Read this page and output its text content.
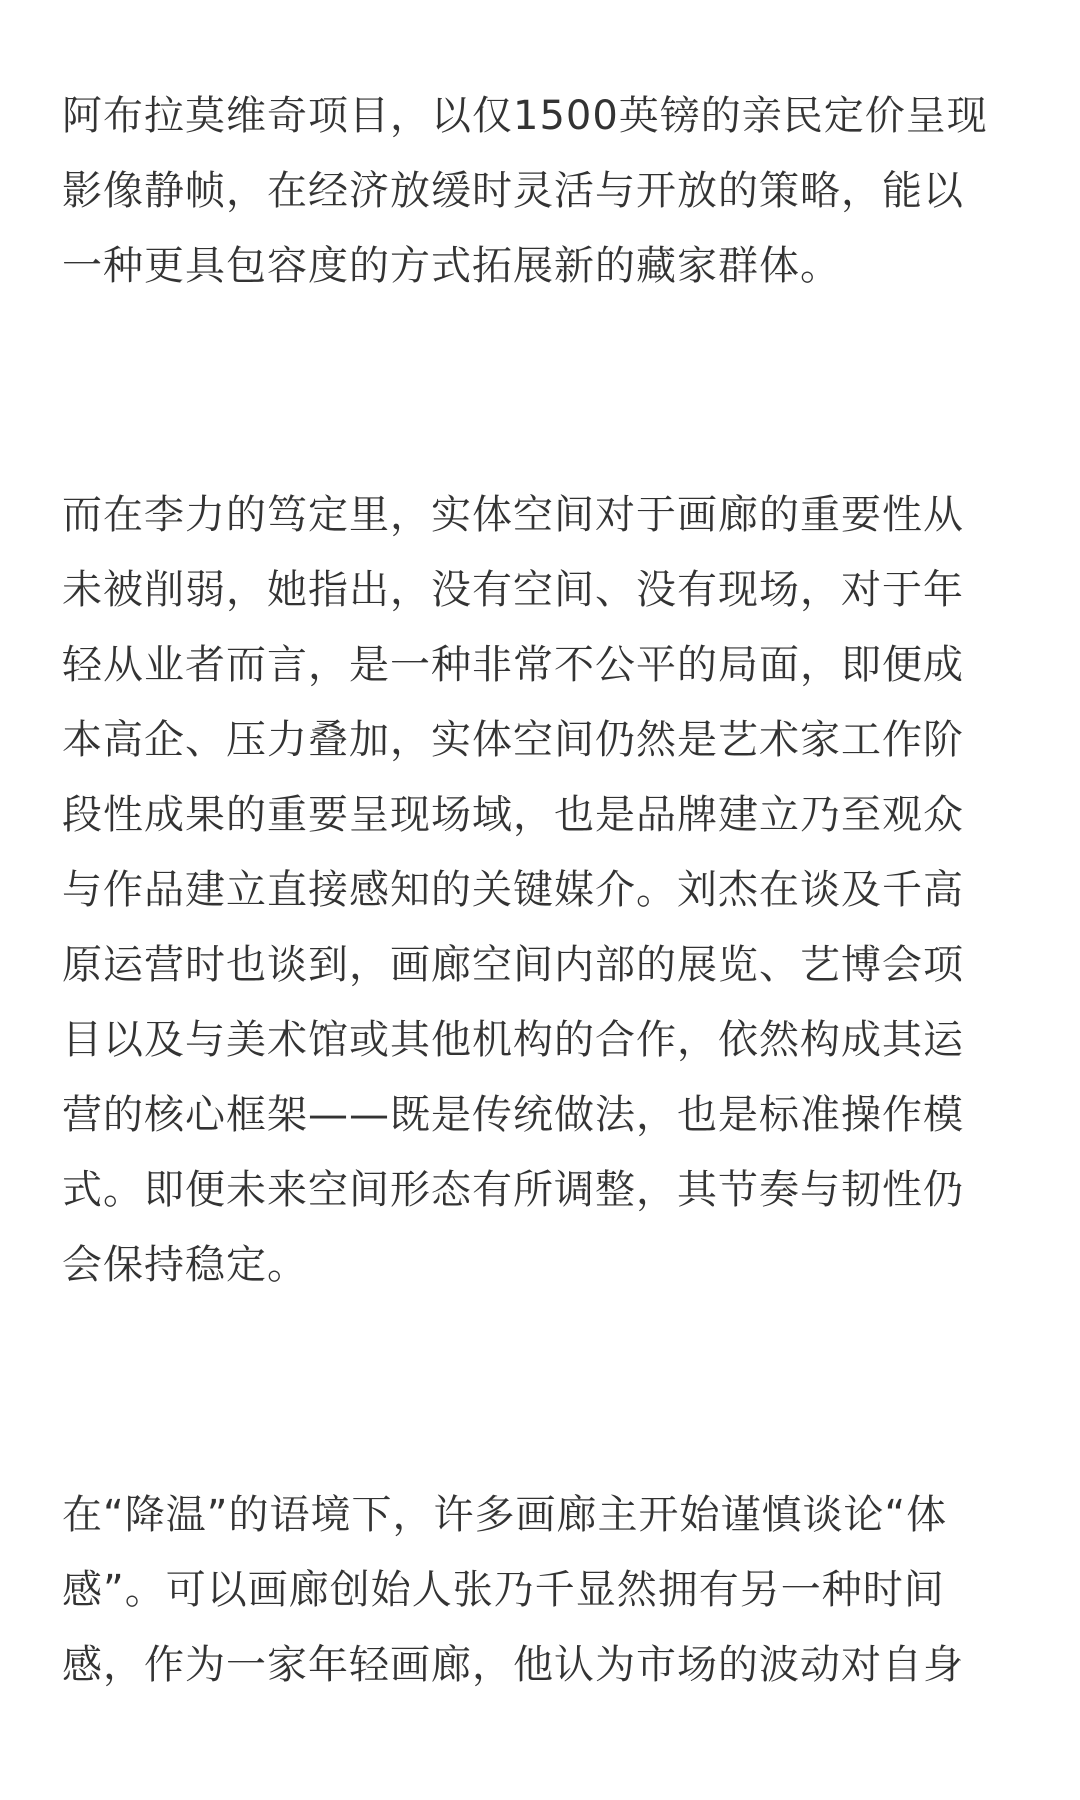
阿布拉莫维奇项目，以仅1500英镑的亲民定价呈现
影像静帧，在经济放缓时灵活与开放的策略，能以
一种更具包容度的方式拓展新的藏家群体。
而在李力的笃定里，实体空间对于画廊的重要性从
未被削弱，她指出，没有空间、没有现场，对于年
轻从业者而言，是一种非常不公平的局面，即便成
本高企、压力叠加，实体空间仍然是艺术家工作阶
段性成果的重要呈现场域，也是品牌建立乃至观众
与作品建立直接感知的关键媒介。刘杰在谈及千高
原运营时也谈到，画廊空间内部的展览、艺博会项
目以及与美术馆或其他机构的合作，依然构成其运
营的核心框架——既是传统做法，也是标准操作模
式。即便未来空间形态有所调整，其节奏与韧性仍
会保持稳定。
在“降温”的语境下，许多画廊主开始谨慎谈论“体
感”。可以画廊创始人张乃千显然拥有另一种时间
感，作为一家年轻画廊，他认为市场的波动对自身
